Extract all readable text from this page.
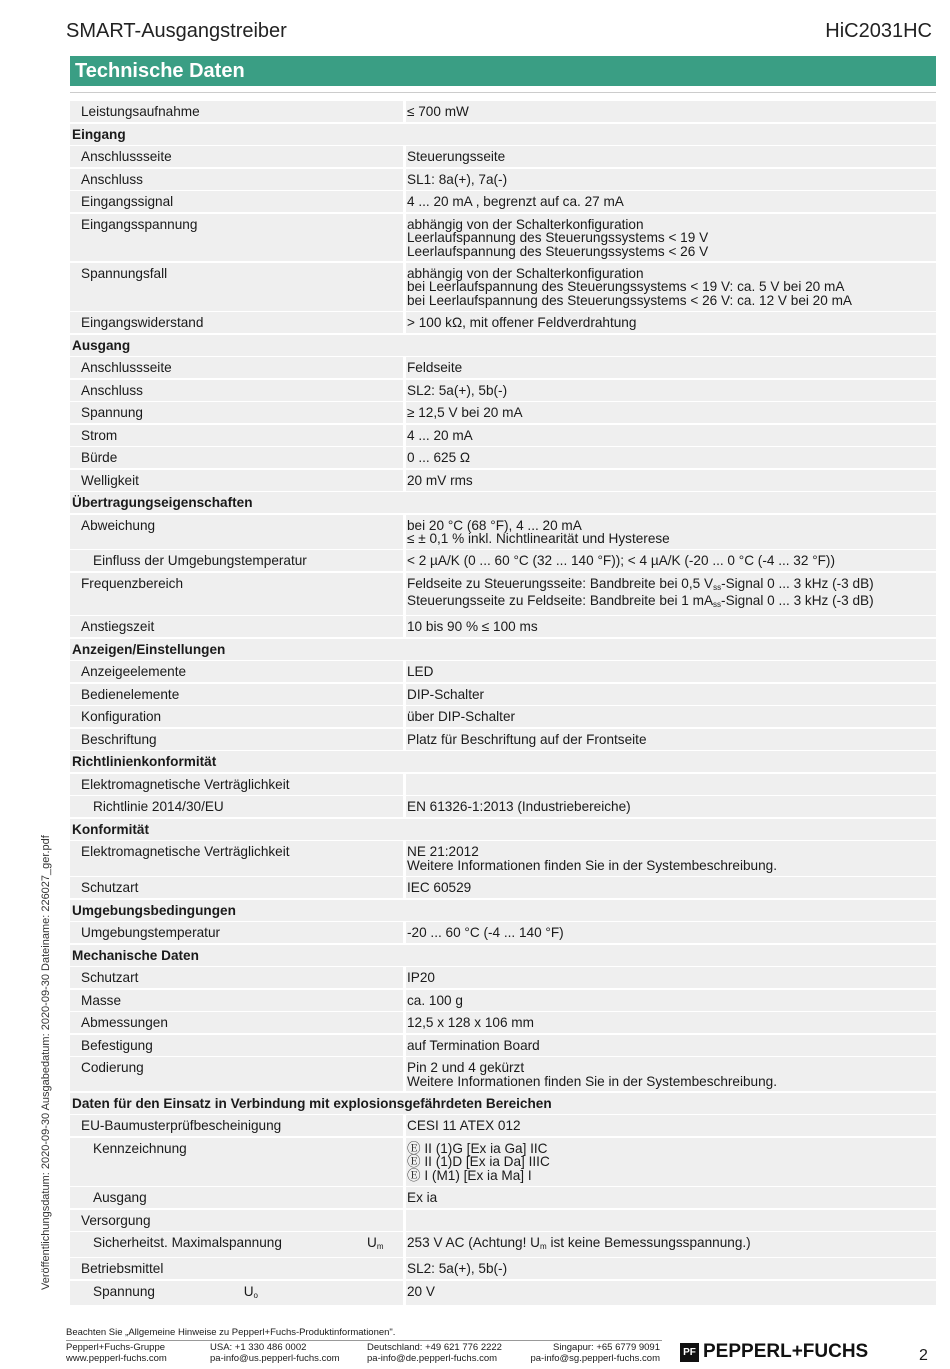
SMART-Ausgangstreiber	HiC2031HC
Technische Daten
Leistungsaufnahme	≤ 700 mW
Eingang
Anschlussseite	Steuerungsseite
Anschluss	SL1: 8a(+), 7a(-)
Eingangssignal	4 ... 20 mA , begrenzt auf ca. 27 mA
Eingangsspannung	abhängig von der Schalterkonfiguration
Leerlaufspannung des Steuerungssystems < 19 V
Leerlaufspannung des Steuerungssystems < 26 V
Spannungsfall	abhängig von der Schalterkonfiguration
bei Leerlaufspannung des Steuerungssystems < 19 V: ca. 5 V bei 20 mA
bei Leerlaufspannung des Steuerungssystems < 26 V: ca. 12 V bei 20 mA
Eingangswiderstand	> 100 kΩ, mit offener Feldverdrahtung
Ausgang
Anschlussseite	Feldseite
Anschluss	SL2: 5a(+), 5b(-)
Spannung	≥ 12,5 V bei 20 mA
Strom	4 ... 20 mA
Bürde	0 ... 625 Ω
Welligkeit	20 mV rms
Übertragungseigenschaften
Abweichung	bei 20 °C (68 °F), 4 ... 20 mA
≤ ± 0,1 % inkl. Nichtlinearität und Hysterese
Einfluss der Umgebungstemperatur	< 2 µA/K (0 ... 60 °C (32 ... 140 °F)); < 4 µA/K (-20 ... 0 °C (-4 ... 32 °F))
Frequenzbereich	Feldseite zu Steuerungsseite: Bandbreite bei 0,5 $V_{ss}$-Signal 0 ... 3 kHz (-3 dB)
Steuerungsseite zu Feldseite: Bandbreite bei 1 $mA_{ss}$-Signal 0 ... 3 kHz (-3 dB)
Anstiegszeit	10 bis 90 % ≤ 100 ms
Anzeigen/Einstellungen
Anzeigeelemente	LED
Bedienelemente	DIP-Schalter
Konfiguration	über DIP-Schalter
Beschriftung	Platz für Beschriftung auf der Frontseite
Richtlinienkonformität
Elektromagnetische Verträglichkeit
Richtlinie 2014/30/EU	EN 61326-1:2013 (Industriebereiche)
Konformität
Elektromagnetische Verträglichkeit	NE 21:2012
Weitere Informationen finden Sie in der Systembeschreibung.
Schutzart	IEC 60529
Umgebungsbedingungen
Umgebungstemperatur	-20 ... 60 °C (-4 ... 140 °F)
Mechanische Daten
Schutzart	IP20
Masse	ca. 100 g
Abmessungen	12,5 x 128 x 106 mm
Befestigung	auf Termination Board
Codierung	Pin 2 und 4 gekürzt
Weitere Informationen finden Sie in der Systembeschreibung.
Daten für den Einsatz in Verbindung mit explosionsgefährdeten Bereichen
EU-Baumusterprüfbescheinigung	CESI 11 ATEX 012
Kennzeichnung	Ⓔ II (1)G [Ex ia Ga] IIC
Ⓔ II (1)D [Ex ia Da] IIIC
Ⓔ I (M1) [Ex ia Ma] I
Ausgang	Ex ia
Versorgung
Sicherheitst. Maximalspannung	$U_m$	253 V AC (Achtung! $U_m$ ist keine Bemessungsspannung.)
Betriebsmittel	SL2: 5a(+), 5b(-)
Spannung	$U_o$	20 V
Veröffentlichungsdatum: 2020-09-30 Ausgabedatum: 2020-09-30 Dateiname: 226027_ger.pdf
Beachten Sie „Allgemeine Hinweise zu Pepperl+Fuchs-Produktinformationen".
Pepperl+Fuchs-Gruppe
www.pepperl-fuchs.com
USA: +1 330 486 0002
pa-info@us.pepperl-fuchs.com
Deutschland: +49 621 776 2222
pa-info@de.pepperl-fuchs.com
Singapur: +65 6779 9091
pa-info@sg.pepperl-fuchs.com
PF PEPPERL+FUCHS	2
